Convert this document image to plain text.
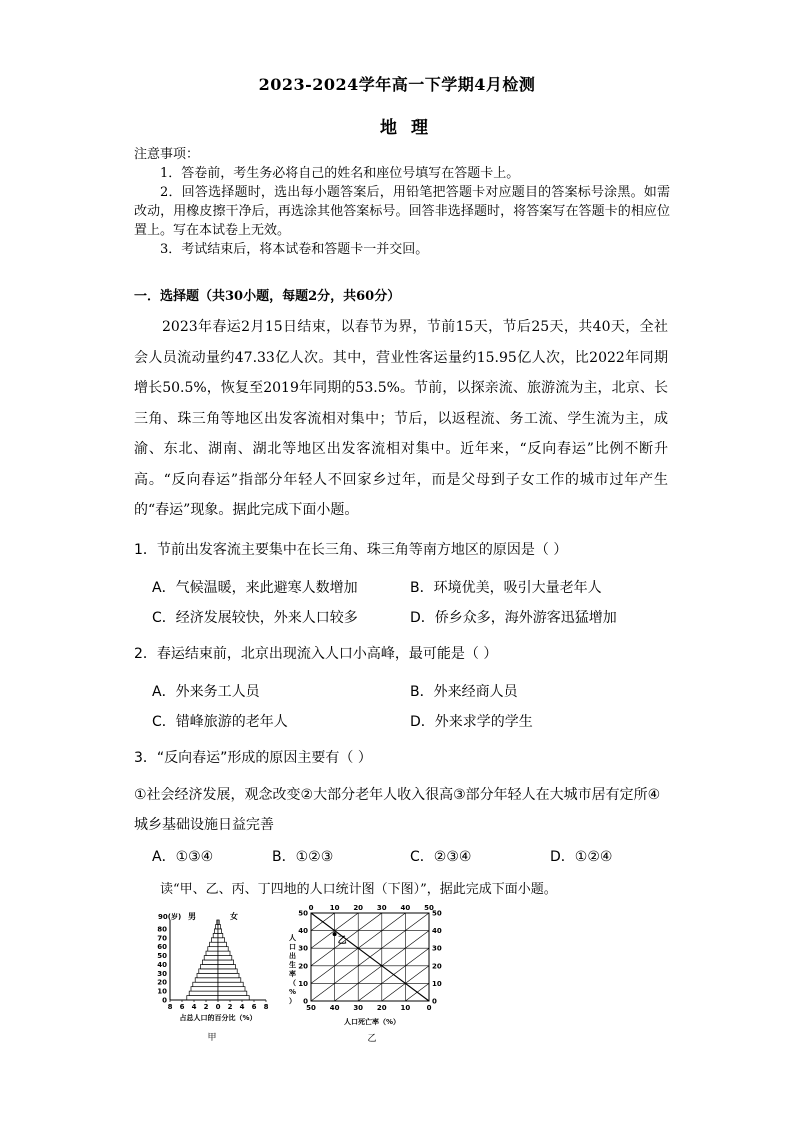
2023-2024学年高一下学期4月检测
地理
注意事项：

1．答卷前，考生务必将自己的姓名和座位号填写在答题卡上。

2．回答选择题时，选出每小题答案后，用铅笔把答题卡对应题目的答案标号涂黑。如需改动，用橡皮擦干净后，再选涂其他答案标号。回答非选择题时，将答案写在答题卡的相应位置上。写在本试卷上无效。

3．考试结束后，将本试卷和答题卡一并交回。

一．选择题（共30小题，每题2分，共60分）
2023年春运2月15日结束，以春节为界，节前15天，节后25天，共40天，全社会人员流动量约47.33亿人次。其中，营业性客运量约15.95亿人次，比2022年同期增长50.5%，恢复至2019年同期的53.5%。节前，以探亲流、旅游流为主，北京、长三角、珠三角等地区出发客流相对集中；节后，以返程流、务工流、学生流为主，成渝、东北、湖南、湖北等地区出发客流相对集中。近年来，“反向春运”比例不断升高。“反向春运”指部分年轻人不回家乡过年，而是父母到子女工作的城市过年产生的“春运”现象。据此完成下面小题。
1．节前出发客流主要集中在长三角、珠三角等南方地区的原因是（ ）
A．气候温暖，来此避寒人数增加	B．环境优美，吸引大量老年人
C．经济发展较快，外来人口较多	D．侨乡众多，海外游客迅猛增加
2．春运结束前，北京出现流入人口小高峰，最可能是（ ）
A．外来务工人员	B．外来经商人员
C．错峰旅游的老年人	D．外来求学的学生
3．“反向春运”形成的原因主要有（ ）
①社会经济发展，观念改变②大部分老年人收入很高③部分年轻人在大城市居有定所④城乡基础设施日益完善
A．①③④	B．①②③	C．②③④	D．①②④
读“甲、乙、丙、丁四地的人口统计图（下图）”，据此完成下面小题。
0
10
20
30
40
50
60
70
80
8 6 4 2 0 2 4 6 8
90(岁) 男	女
占总人口的百分比（%）
甲
0 10 20 30 40 50
50 40 30 20 10 0
0	0
10	10
20	20
30	30
40	40
50	50
乙
人口出生率（%）
人口死亡率（%）
乙
